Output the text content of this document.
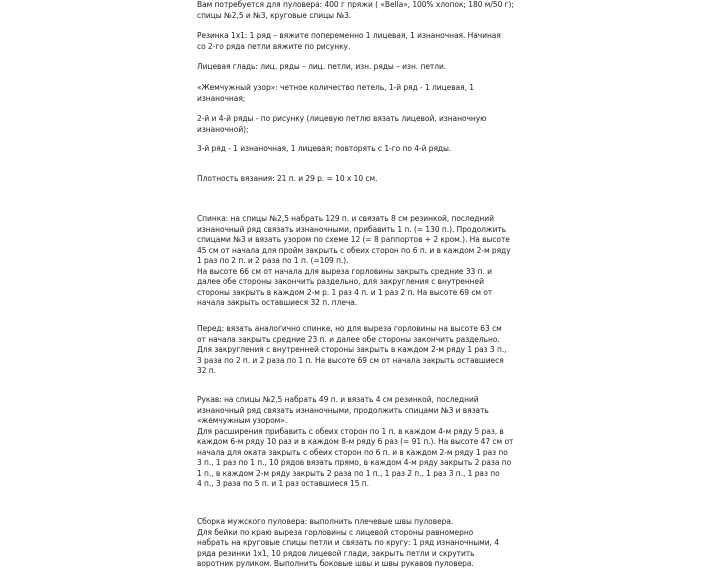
Вам потребуется для пуловера: 400 г пряжи ( «Bella», 100% хлопок; 180 м/50 г);
спицы №2,5 и №3, круговые спицы №3.
Резинка 1x1: 1 ряд – вяжите попеременно 1 лицевая, 1 изнаночная. Начиная
со 2-го ряда петли вяжите по рисунку.
Лицевая гладь: лиц. ряды – лиц. петли, изн. ряды – изн. петли.
«Жемчужный узор»: четное количество петель, 1-й ряд - 1 лицевая, 1
изнаночная;
2-й и 4-й ряды - по рисунку (лицевую петлю вязать лицевой, изнаночную
изнаночной);
3-й ряд - 1 изнаночная, 1 лицевая; повторять с 1-го по 4-й ряды.
Плотность вязания: 21 п. и 29 р. = 10 х 10 см.
Спинка: на спицы №2,5 набрать 129 п. и связать 8 см резинкой, последний
изнаночный ряд связать изнаночными, прибавить 1 п. (= 130 п.). Продолжить
спицами №3 и вязать узором по схеме 12 (= 8 раппортов + 2 кром.). На высоте
45 см от начала для пройм закрыть с обеих сторон по 6 п. и в каждом 2-м ряду
1 раз по 2 п. и 2 раза по 1 п. (=109 п.).
На высоте 66 см от начала для выреза горловины закрыть средние 33 п. и
далее обе стороны закончить раздельно, для закругления с внутренней
стороны закрыть в каждом 2-м р. 1 раз 4 п. и 1 раз 2 п. На высоте 69 см от
начала закрыть оставшиеся 32 п. плеча.
Перед: вязать аналогично спинке, но для выреза горловины на высоте 63 см
от начала закрыть средние 23 п. и далее обе стороны закончить раздельно.
Для закругления с внутренней стороны закрыть в каждом 2-м ряду 1 раз 3 п.,
3 раза по 2 п. и 2 раза по 1 п. На высоте 69 см от начала закрыть оставшиеся
32 п.
Рукав: на спицы №2,5 набрать 49 п. и вязать 4 см резинкой, последний
изнаночный ряд связать изнаночными, продолжить спицами №3 и вязать
«жемчужным узором».
Для расширения прибавить с обеих сторон по 1 п. в каждом 4-м ряду 5 раз, в
каждом 6-м ряду 10 раз и в каждом 8-м ряду 6 раз (= 91 п.). На высоте 47 см от
начала для оката закрыть с обеих сторон по 6 п. и в каждом 2-м ряду 1 раз по
3 п., 1 раз по 1 п., 10 рядов вязать прямо, в каждом 4-м ряду закрыть 2 раза по
1 п., в каждом 2-м ряду закрыть 2 раза по 1 п., 1 раз 2 п., 1 раз 3 п., 1 раз по
4 п., 3 раза по 5 п. и 1 раз оставшиеся 15 п.
Сборка мужского пуловера: выполнить плечевые швы пуловера.
Для бейки по краю выреза горловины с лицевой стороны равномерно
набрать на круговые спицы петли и связать по кругу: 1 ряд изнаночными, 4
ряда резинки 1x1, 10 рядов лицевой глади, закрыть петли и скрутить
воротник руликом. Выполнить боковые швы и швы рукавов пуловера.
